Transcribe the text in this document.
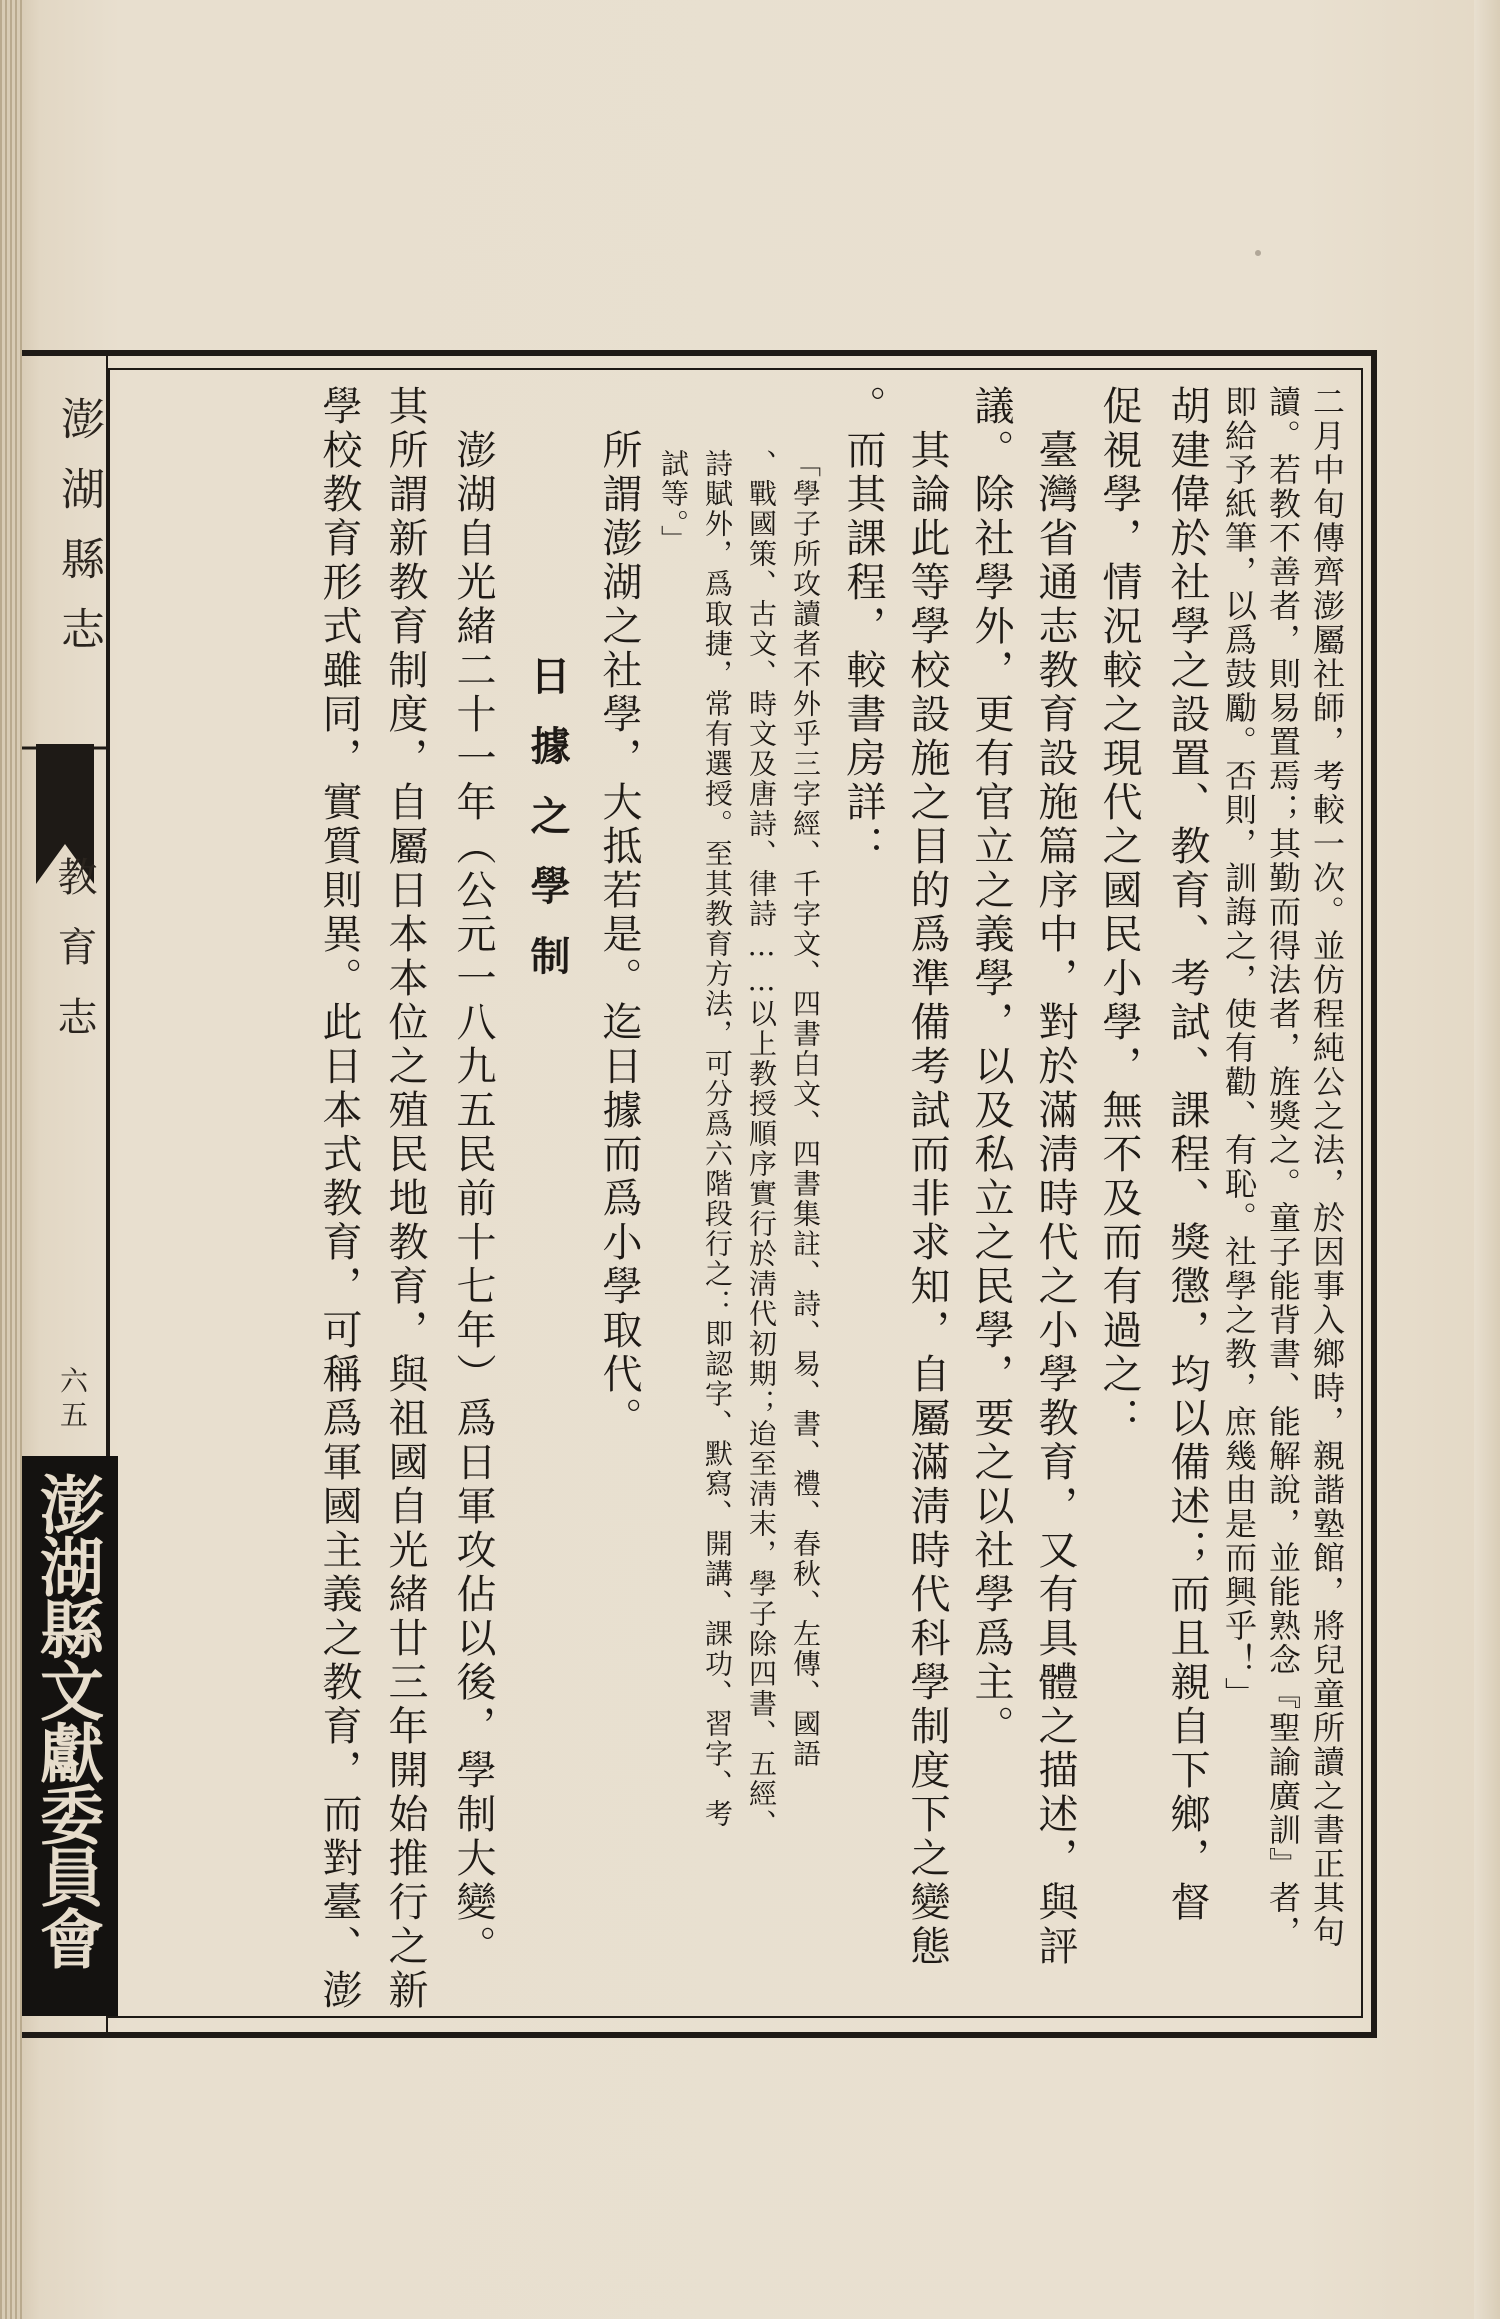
澎湖縣志
教育志
六五
澎湖縣文獻委員會	二月中旬傳齊澎屬社師，考較一次。並仿程純公之法，於因事入鄉時，親諧塾館，將兒童所讀之書正其句
讀。若教不善者，則易置焉；其勤而得法者，旌獎之。童子能背書、能解說，並能熟念『聖諭廣訓』者，
即給予紙筆，以爲鼓勵。否則，訓誨之，使有勸、有恥。社學之教，庶幾由是而興乎！」
胡建偉於社學之設置、教育、考試、課程、獎懲，均以備述；而且親自下鄉，督
促視學，情況較之現代之國民小學，無不及而有過之：
臺灣省通志教育設施篇序中，對於滿淸時代之小學教育，又有具體之描述，與評
議。除社學外，更有官立之義學，以及私立之民學，要之以社學爲主。
其論此等學校設施之目的爲準備考試而非求知，自屬滿淸時代科學制度下之變態
。而其課程，較書房詳：
「學子所攻讀者不外乎三字經、千字文、四書白文、四書集註、詩、易、書、禮、春秋、左傳、國語
、戰國策、古文、時文及唐詩、律詩……以上教授順序實行於淸代初期；迨至淸末，學子除四書、五經、
詩賦外，爲取捷，常有選授。至其教育方法，可分爲六階段行之：即認字、默寫、開講、課功、習字、考
試等。」
所謂澎湖之社學，大抵若是。迄日據而爲小學取代。
日據之學制
澎湖自光緒二十一年（公元一八九五民前十七年）爲日軍攻佔以後，學制大變。
其所謂新教育制度，自屬日本本位之殖民地教育，與祖國自光緒廿三年開始推行之新
學校教育形式雖同，實質則異。此日本式教育，可稱爲軍國主義之教育，而對臺、澎
